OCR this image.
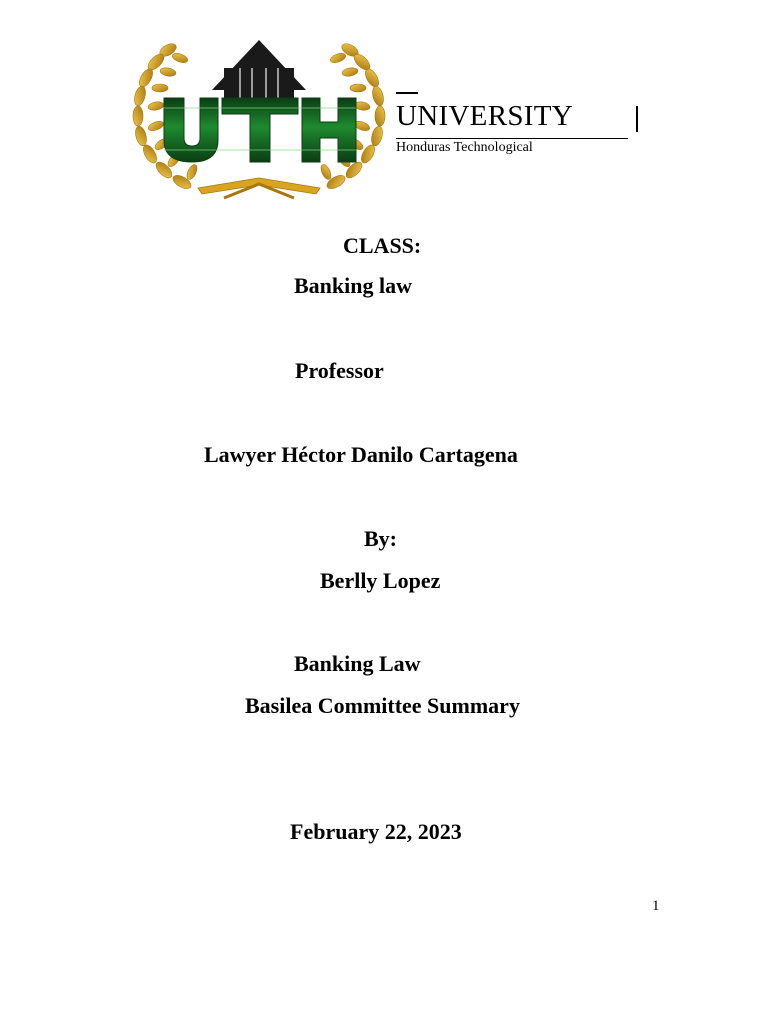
UNIVERSITY
Honduras Technological
CLASS:
Banking law
Professor
Lawyer Héctor Danilo Cartagena
By:
Berlly Lopez
Banking Law
Basilea Committee Summary
February 22, 2023
1
